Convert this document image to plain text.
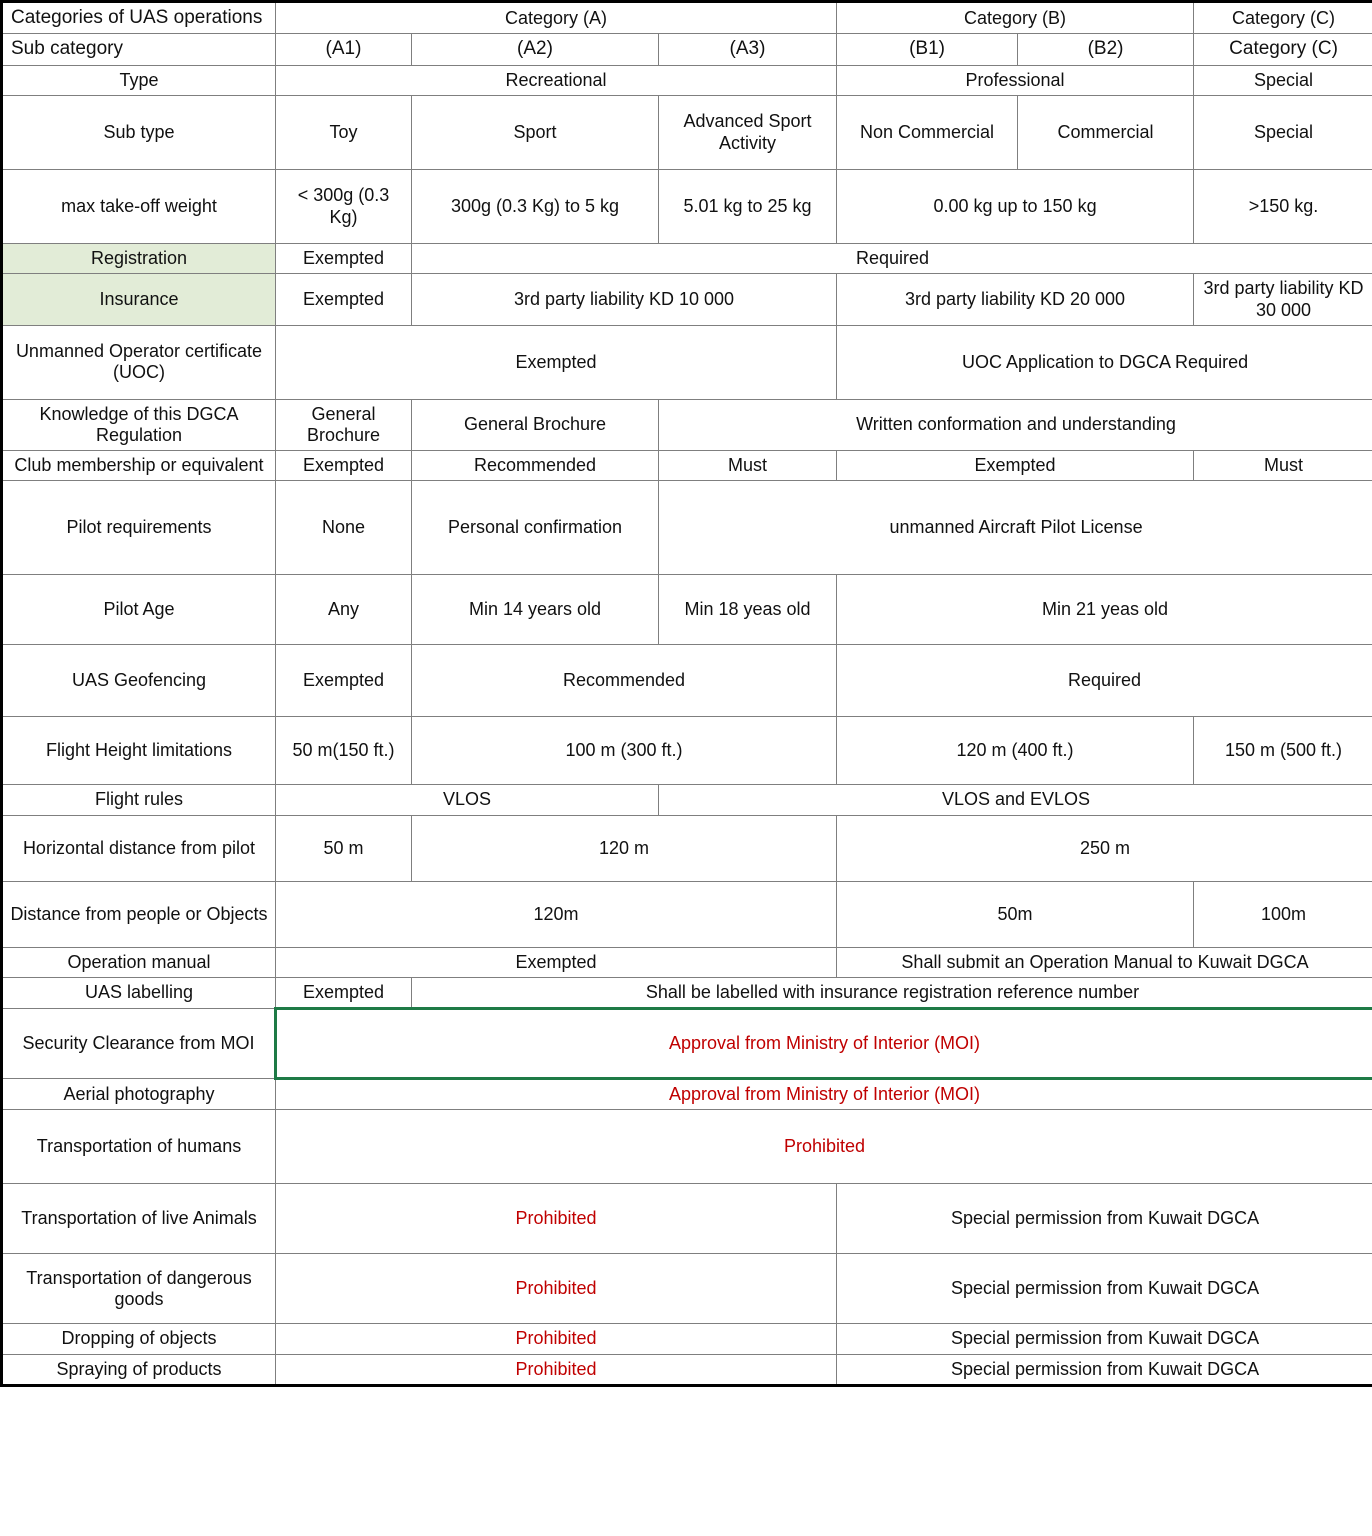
Categories of UAS operations	Category (A)			Category (B)		Category (C)
Sub category	(A1)	(A2)	(A3)	(B1)	(B2)	Category (C)
Type	Recreational			Professional		Special
Sub type	Toy	Sport	Advanced Sport Activity	Non Commercial	Commercial	Special
max take-off weight	< 300g (0.3 Kg)	300g (0.3 Kg) to 5 kg	5.01 kg to 25 kg	0.00 kg up to 150 kg		>150 kg.
Registration	Exempted	Required				
Insurance	Exempted	3rd party liability KD 10 000		3rd party liability KD 20 000		3rd party liability KD 30 000
Unmanned Operator certificate (UOC)	Exempted			UOC Application to DGCA Required		
Knowledge of this DGCA Regulation	General Brochure	General Brochure	Written conformation and understanding			
Club membership or equivalent	Exempted	Recommended	Must	Exempted		Must
Pilot requirements	None	Personal confirmation	unmanned Aircraft Pilot License			
Pilot Age	Any	Min 14 years old	Min 18 yeas old	Min 21 yeas old		
UAS Geofencing	Exempted	Recommended		Required		
Flight Height limitations	50 m(150 ft.)	100 m (300 ft.)		120 m (400 ft.)		150 m (500 ft.)
Flight rules	VLOS		VLOS and EVLOS			
Horizontal distance from pilot	50 m	120 m		250 m		
Distance from people or Objects	120m			50m		100m
Operation manual	Exempted			Shall submit an Operation Manual to Kuwait DGCA		
UAS labelling	Exempted	Shall be labelled with insurance registration reference number				
Security Clearance from MOI	Approval from Ministry of Interior (MOI)					
Aerial photography	Approval from Ministry of Interior (MOI)					
Transportation of humans	Prohibited					
Transportation of live Animals	Prohibited			Special permission from Kuwait DGCA		
Transportation of dangerous goods	Prohibited			Special permission from Kuwait DGCA		
Dropping of objects	Prohibited			Special permission from Kuwait DGCA		
Spraying of products	Prohibited			Special permission from Kuwait DGCA		
